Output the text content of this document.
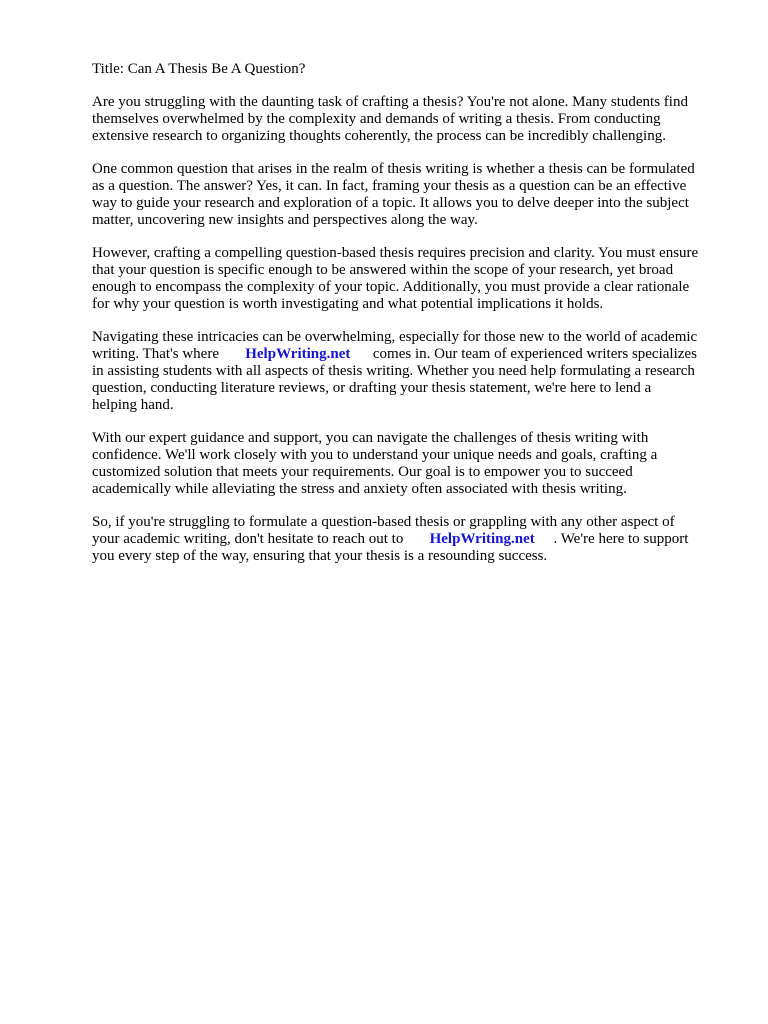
Title: Can A Thesis Be A Question?
Are you struggling with the daunting task of crafting a thesis? You're not alone. Many students find
themselves overwhelmed by the complexity and demands of writing a thesis. From conducting
extensive research to organizing thoughts coherently, the process can be incredibly challenging.
One common question that arises in the realm of thesis writing is whether a thesis can be formulated
as a question. The answer? Yes, it can. In fact, framing your thesis as a question can be an effective
way to guide your research and exploration of a topic. It allows you to delve deeper into the subject
matter, uncovering new insights and perspectives along the way.
However, crafting a compelling question-based thesis requires precision and clarity. You must ensure
that your question is specific enough to be answered within the scope of your research, yet broad
enough to encompass the complexity of your topic. Additionally, you must provide a clear rationale
for why your question is worth investigating and what potential implications it holds.
Navigating these intricacies can be overwhelming, especially for those new to the world of academic
writing. That's where       HelpWriting.net      comes in. Our team of experienced writers specializes
in assisting students with all aspects of thesis writing. Whether you need help formulating a research
question, conducting literature reviews, or drafting your thesis statement, we're here to lend a
helping hand.
With our expert guidance and support, you can navigate the challenges of thesis writing with
confidence. We'll work closely with you to understand your unique needs and goals, crafting a
customized solution that meets your requirements. Our goal is to empower you to succeed
academically while alleviating the stress and anxiety often associated with thesis writing.
So, if you're struggling to formulate a question-based thesis or grappling with any other aspect of
your academic writing, don't hesitate to reach out to       HelpWriting.net     . We're here to support
you every step of the way, ensuring that your thesis is a resounding success.
